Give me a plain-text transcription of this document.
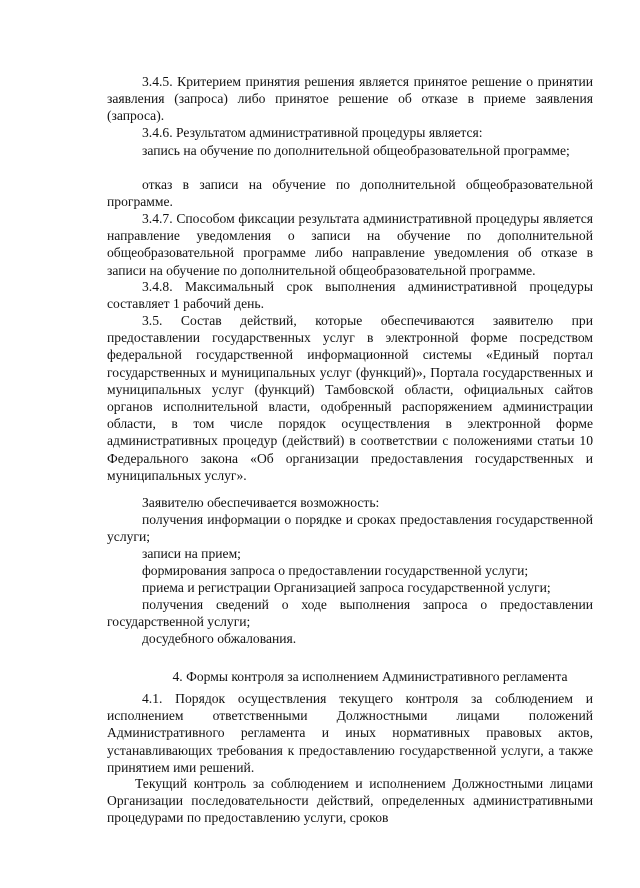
3.4.5. Критерием принятия решения является принятое решение о принятии заявления (запроса) либо принятое решение об отказе в приеме заявления (запроса).

3.4.6. Результатом административной процедуры является:

запись на обучение по дополнительной общеобразовательной программе;

отказ в записи на обучение по дополнительной общеобразовательной программе.

3.4.7. Способом фиксации результата административной процедуры является направление уведомления о записи на обучение по дополнительной общеобразовательной программе либо направление уведомления об отказе в записи на обучение по дополнительной общеобразовательной программе.

3.4.8. Максимальный срок выполнения административной процедуры составляет 1 рабочий день.

3.5. Состав действий, которые обеспечиваются заявителю при предоставлении государственных услуг в электронной форме посредством федеральной государственной информационной системы «Единый портал государственных и муниципальных услуг (функций)», Портала государственных и муниципальных услуг (функций) Тамбовской области, официальных сайтов органов исполнительной власти, одобренный распоряжением администрации области, в том числе порядок осуществления в электронной форме административных процедур (действий) в соответствии с положениями статьи 10 Федерального закона «Об организации предоставления государственных и муниципальных услуг».

Заявителю обеспечивается возможность:

получения информации о порядке и сроках предоставления государственной услуги;

записи на прием;

формирования запроса о предоставлении государственной услуги;

приема и регистрации Организацией запроса государственной услуги;

получения сведений о ходе выполнения запроса о предоставлении государственной услуги;

досудебного обжалования.

4. Формы контроля за исполнением Административного регламента

4.1. Порядок осуществления текущего контроля за соблюдением и исполнением ответственными Должностными лицами положений Административного регламента и иных нормативных правовых актов, устанавливающих требования к предоставлению государственной услуги, а также принятием ими решений.

Текущий контроль за соблюдением и исполнением Должностными лицами Организации последовательности действий, определенных административными процедурами по предоставлению услуги, сроков
